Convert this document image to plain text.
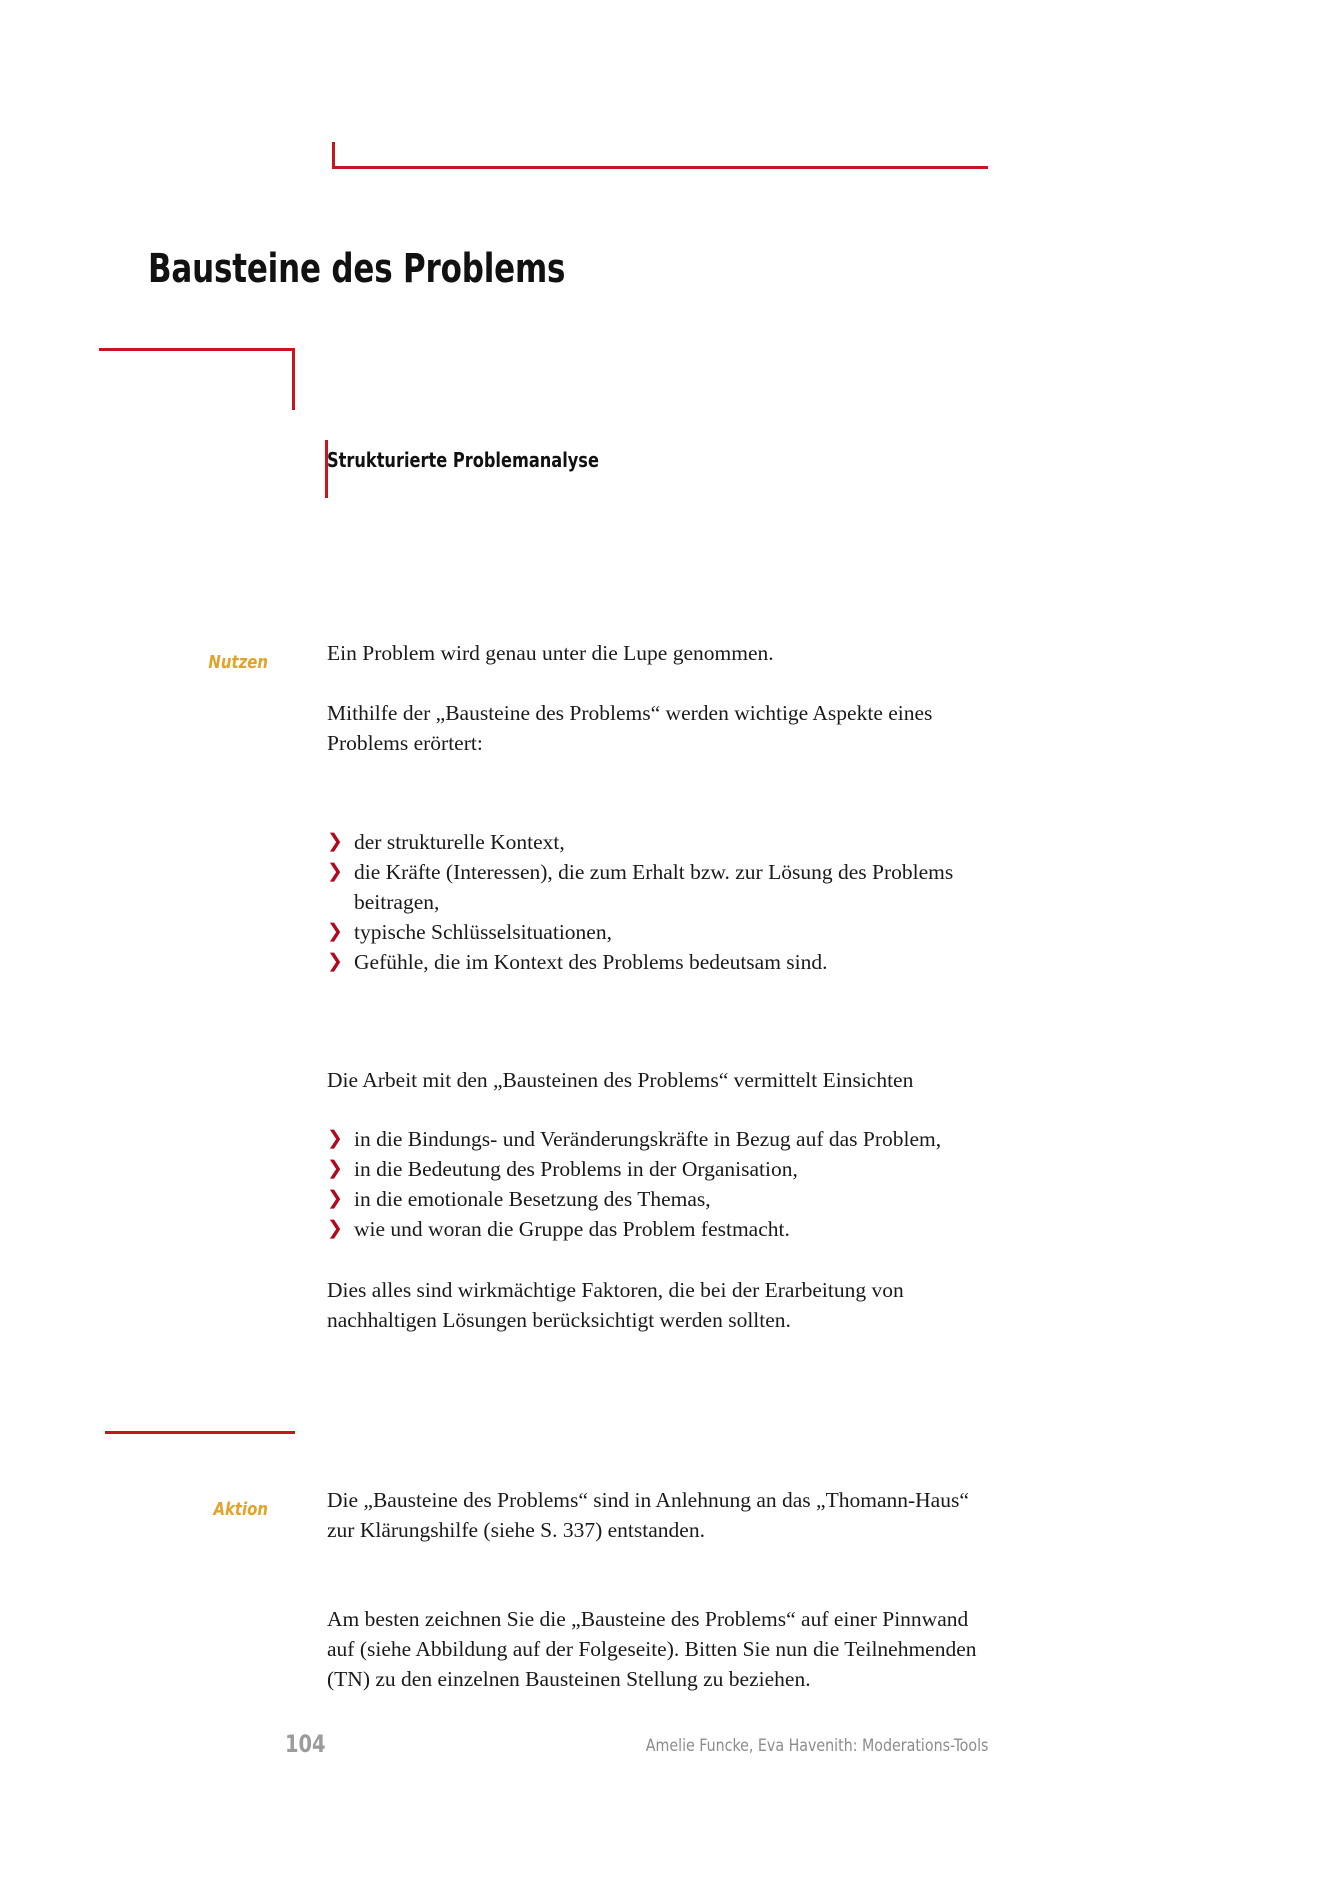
Bausteine des Problems
Strukturierte Problemanalyse
Nutzen	Ein Problem wird genau unter die Lupe genommen.

Mithilfe der „Bausteine des Problems“ werden wichtige Aspekte eines Problems erörtert:

❯ der strukturelle Kontext,
❯ die Kräfte (Interessen), die zum Erhalt bzw. zur Lösung des Problems beitragen,
❯ typische Schlüsselsituationen,
❯ Gefühle, die im Kontext des Problems bedeutsam sind.

Die Arbeit mit den „Bausteinen des Problems“ vermittelt Einsichten

❯ in die Bindungs- und Veränderungskräfte in Bezug auf das Problem,
❯ in die Bedeutung des Problems in der Organisation,
❯ in die emotionale Besetzung des Themas,
❯ wie und woran die Gruppe das Problem festmacht.

Dies alles sind wirkmächtige Faktoren, die bei der Erarbeitung von nachhaltigen Lösungen berücksichtigt werden sollten.

Aktion	Die „Bausteine des Problems“ sind in Anlehnung an das „Thomann-Haus“ zur Klärungshilfe (siehe S. 337) entstanden.

Am besten zeichnen Sie die „Bausteine des Problems“ auf einer Pinnwand auf (siehe Abbildung auf der Folgeseite). Bitten Sie nun die Teilnehmenden (TN) zu den einzelnen Bausteinen Stellung zu beziehen.

104	Amelie Funcke, Eva Havenith: Moderations-Tools
